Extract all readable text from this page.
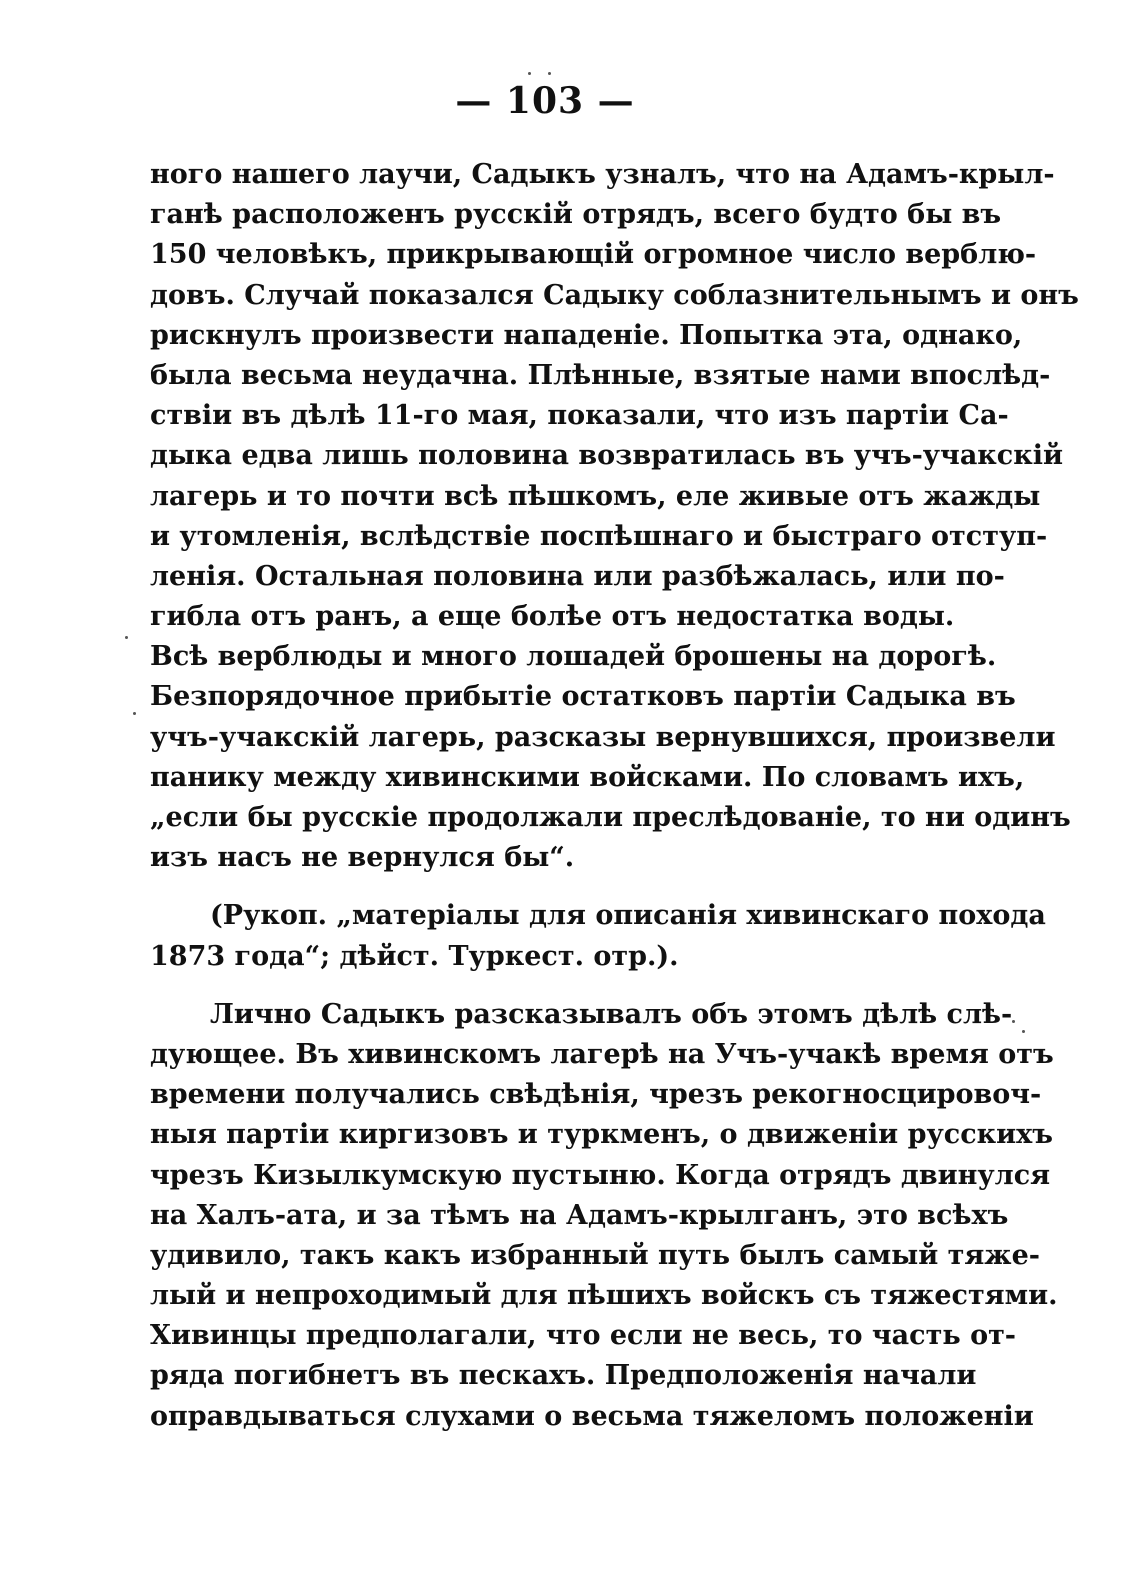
— 103 —
ного нашего лаучи, Садыкъ узналъ, что на Адамъ-крыл-
ганѣ расположенъ русскій отрядъ, всего будто бы въ
150 человѣкъ, прикрывающій огромное число верблю-
довъ. Случай показался Садыку соблазнительнымъ и онъ
рискнулъ произвести нападеніе. Попытка эта, однако,
была весьма неудачна. Плѣнные, взятые нами впослѣд-
ствіи въ дѣлѣ 11-го мая, показали, что изъ партіи Са-
дыка едва лишь половина возвратилась въ учъ-учакскій
лагерь и то почти всѣ пѣшкомъ, еле живые отъ жажды
и утомленія, вслѣдствіе поспѣшнаго и быстраго отступ-
ленія. Остальная половина или разбѣжалась, или по-
гибла отъ ранъ, а еще болѣе отъ недостатка воды.
Всѣ верблюды и много лошадей брошены на дорогѣ.
Безпорядочное прибытіе остатковъ партіи Садыка въ
учъ-учакскій лагерь, разсказы вернувшихся, произвели
панику между хивинскими войсками. По словамъ ихъ,
„если бы русскіе продолжали преслѣдованіе, то ни одинъ
изъ насъ не вернулся бы“.
(Рукоп. „матеріалы для описанія хивинскаго похода
1873 года“; дѣйст. Туркест. отр.).
Лично Садыкъ разсказывалъ объ этомъ дѣлѣ слѣ-
дующее. Въ хивинскомъ лагерѣ на Учъ-учакѣ время отъ
времени получались свѣдѣнія, чрезъ рекогносцировоч-
ныя партіи киргизовъ и туркменъ, о движеніи русскихъ
чрезъ Кизылкумскую пустыню. Когда отрядъ двинулся
на Халъ-ата, и за тѣмъ на Адамъ-крылганъ, это всѣхъ
удивило, такъ какъ избранный путь былъ самый тяже-
лый и непроходимый для пѣшихъ войскъ съ тяжестями.
Хивинцы предполагали, что если не весь, то часть от-
ряда погибнетъ въ пескахъ. Предположенія начали
оправдываться слухами о весьма тяжеломъ положеніи
